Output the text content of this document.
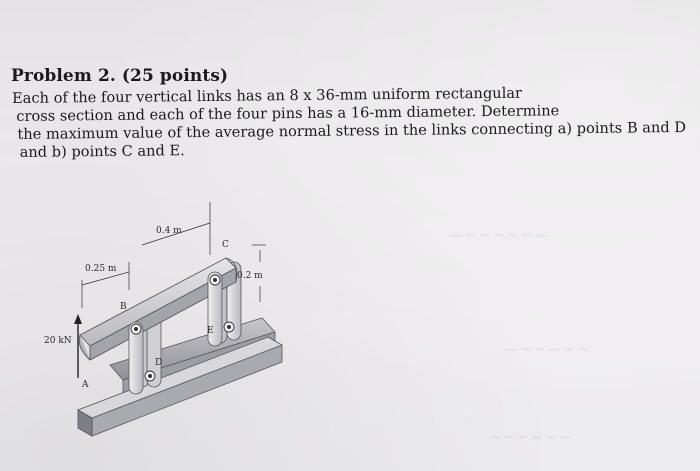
Problem 2. (25 points)
Each of the four vertical links has an 8 x 36-mm uniform rectangular
cross section and each of the four pins has a 16-mm diameter. Determine
the maximum value of the average normal stress in the links connecting a) points B and D
and b) points C and E.
— ~ ~ ~ ~ ~ —
— ~ ~ — ~ ~
~ ~ ~ ~ ~ —
0.4 m
0.25 m
0.2 m
20 kN
A
B
C
D
E
